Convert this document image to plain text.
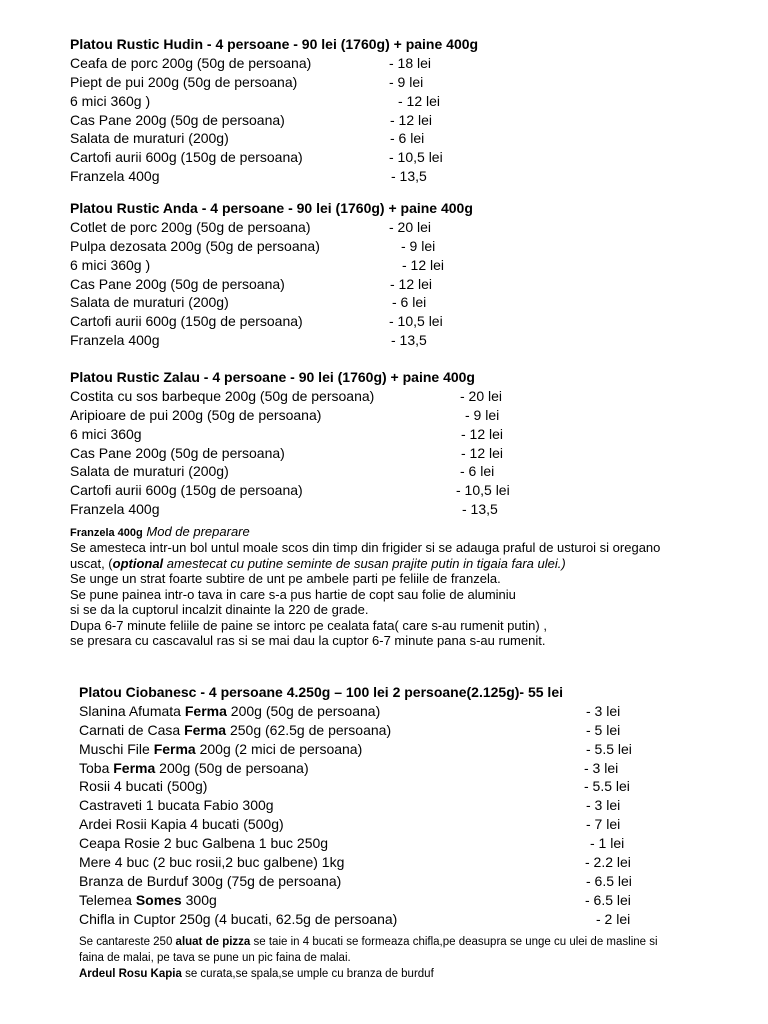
Platou Rustic Hudin - 4 persoane - 90 lei (1760g) + paine 400g
Ceafa de porc 200g (50g de persoana)	- 18 lei
Piept de pui 200g (50g de persoana)	- 9 lei
6 mici 360g )	- 12 lei
Cas Pane 200g (50g de persoana)	- 12 lei
Salata de muraturi (200g)	- 6 lei
Cartofi aurii 600g (150g de persoana)	- 10,5 lei
Franzela 400g	- 13,5
Platou Rustic Anda - 4 persoane - 90 lei (1760g) + paine 400g
Cotlet de porc 200g (50g de persoana)	- 20 lei
Pulpa dezosata 200g (50g de persoana)	- 9 lei
6 mici 360g )	- 12 lei
Cas Pane 200g (50g de persoana)	- 12 lei
Salata de muraturi (200g)	- 6 lei
Cartofi aurii 600g (150g de persoana)	- 10,5 lei
Franzela 400g	- 13,5
Platou Rustic Zalau - 4 persoane - 90 lei (1760g) + paine 400g
Costita cu sos barbeque 200g (50g de persoana)	- 20 lei
Aripioare de pui 200g (50g de persoana)	- 9 lei
6 mici 360g	- 12 lei
Cas Pane 200g (50g de persoana)	- 12 lei
Salata de muraturi (200g)	- 6 lei
Cartofi aurii 600g (150g de persoana)	- 10,5 lei
Franzela 400g	- 13,5
Franzela 400g Mod de preparare
Se amesteca intr-un bol untul moale scos din timp din frigider si se adauga praful de usturoi si oregano
uscat, (optional amestecat cu putine seminte de susan prajite putin in tigaia fara ulei.)
Se unge un strat foarte subtire de unt pe ambele parti pe feliile de franzela.
Se pune painea intr-o tava in care s-a pus hartie de copt sau folie de aluminiu
si se da la cuptorul incalzit dinainte la 220 de grade.
Dupa 6-7 minute feliile de paine se intorc pe cealata fata( care s-au rumenit putin) ,
se presara cu cascavalul ras si se mai dau la cuptor 6-7 minute pana s-au rumenit.
Platou Ciobanesc - 4 persoane 4.250g – 100 lei 2 persoane(2.125g)- 55 lei
Slanina Afumata Ferma 200g (50g de persoana)	- 3 lei
Carnati de Casa Ferma 250g (62.5g de persoana)	- 5 lei
Muschi File Ferma 200g (2 mici de persoana)	- 5.5 lei
Toba Ferma 200g (50g de persoana)	- 3 lei
Rosii 4 bucati (500g)	- 5.5 lei
Castraveti 1 bucata Fabio 300g	- 3 lei
Ardei Rosii Kapia 4 bucati (500g)	- 7 lei
Ceapa Rosie 2 buc Galbena 1 buc 250g	- 1 lei
Mere 4 buc (2 buc rosii,2 buc galbene) 1kg	- 2.2 lei
Branza de Burduf 300g (75g de persoana)	- 6.5 lei
Telemea Somes 300g	- 6.5 lei
Chifla in Cuptor 250g (4 bucati, 62.5g de persoana)	- 2 lei
Se cantareste 250 aluat de pizza se taie in 4 bucati se formeaza chifla,pe deasupra se unge cu ulei de masline si
faina de malai, pe tava se pune un pic faina de malai.
Ardeul Rosu Kapia se curata,se spala,se umple cu branza de burduf
